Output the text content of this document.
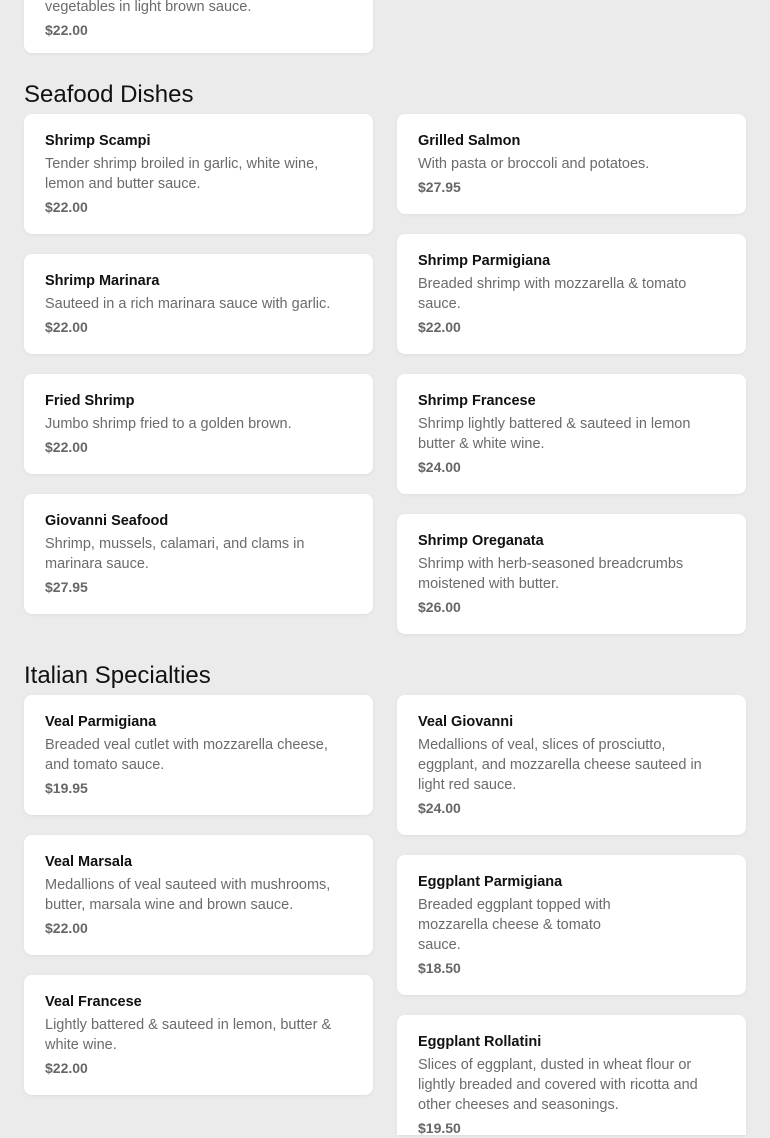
vegetables in light brown sauce.

$22.00

Seafood Dishes

Shrimp Scampi

Tender shrimp broiled in garlic, white wine, lemon and butter sauce.

$22.00

Grilled Salmon

With pasta or broccoli and potatoes.

$27.95

Shrimp Marinara

Sauteed in a rich marinara sauce with garlic.

$22.00

Shrimp Parmigiana

Breaded shrimp with mozzarella & tomato sauce.

$22.00

Fried Shrimp

Jumbo shrimp fried to a golden brown.

$22.00

Shrimp Francese

Shrimp lightly battered & sauteed in lemon butter & white wine.

$24.00

Giovanni Seafood

Shrimp, mussels, calamari, and clams in marinara sauce.

$27.95

Shrimp Oreganata

Shrimp with herb-seasoned breadcrumbs moistened with butter.

$26.00

Italian Specialties

Veal Parmigiana

Breaded veal cutlet with mozzarella cheese, and tomato sauce.

$19.95

Veal Giovanni

Medallions of veal, slices of prosciutto, eggplant, and mozzarella cheese sauteed in light red sauce.

$24.00

Veal Marsala

Medallions of veal sauteed with mushrooms, butter, marsala wine and brown sauce.

$22.00

Eggplant Parmigiana

Breaded eggplant topped with mozzarella cheese & tomato sauce.

$18.50

Veal Francese

Lightly battered & sauteed in lemon, butter & white wine.

$22.00

Eggplant Rollatini

Slices of eggplant, dusted in wheat flour or lightly breaded and covered with ricotta and other cheeses and seasonings.

$19.50
